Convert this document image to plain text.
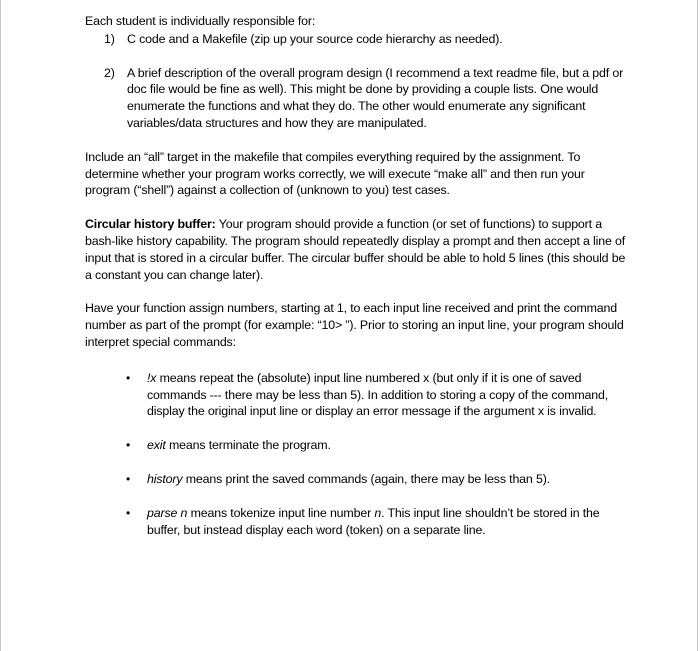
Each student is individually responsible for:

1) C code and a Makefile (zip up your source code hierarchy as needed).
2) A brief description of the overall program design (I recommend a text readme file, but a pdf or doc file would be fine as well). This might be done by providing a couple lists. One would enumerate the functions and what they do. The other would enumerate any significant variables/data structures and how they are manipulated.

Include an “all” target in the makefile that compiles everything required by the assignment. To determine whether your program works correctly, we will execute “make all” and then run your program (“shell”) against a collection of (unknown to you) test cases.

Circular history buffer: Your program should provide a function (or set of functions) to support a bash-like history capability. The program should repeatedly display a prompt and then accept a line of input that is stored in a circular buffer. The circular buffer should be able to hold 5 lines (this should be a constant you can change later).

Have your function assign numbers, starting at 1, to each input line received and print the command number as part of the prompt (for example: “10> ”). Prior to storing an input line, your program should interpret special commands:

• !x means repeat the (absolute) input line numbered x (but only if it is one of saved commands --- there may be less than 5). In addition to storing a copy of the command, display the original input line or display an error message if the argument x is invalid.
• exit means terminate the program.
• history means print the saved commands (again, there may be less than 5).
• parse n means tokenize input line number n. This input line shouldn’t be stored in the buffer, but instead display each word (token) on a separate line.
